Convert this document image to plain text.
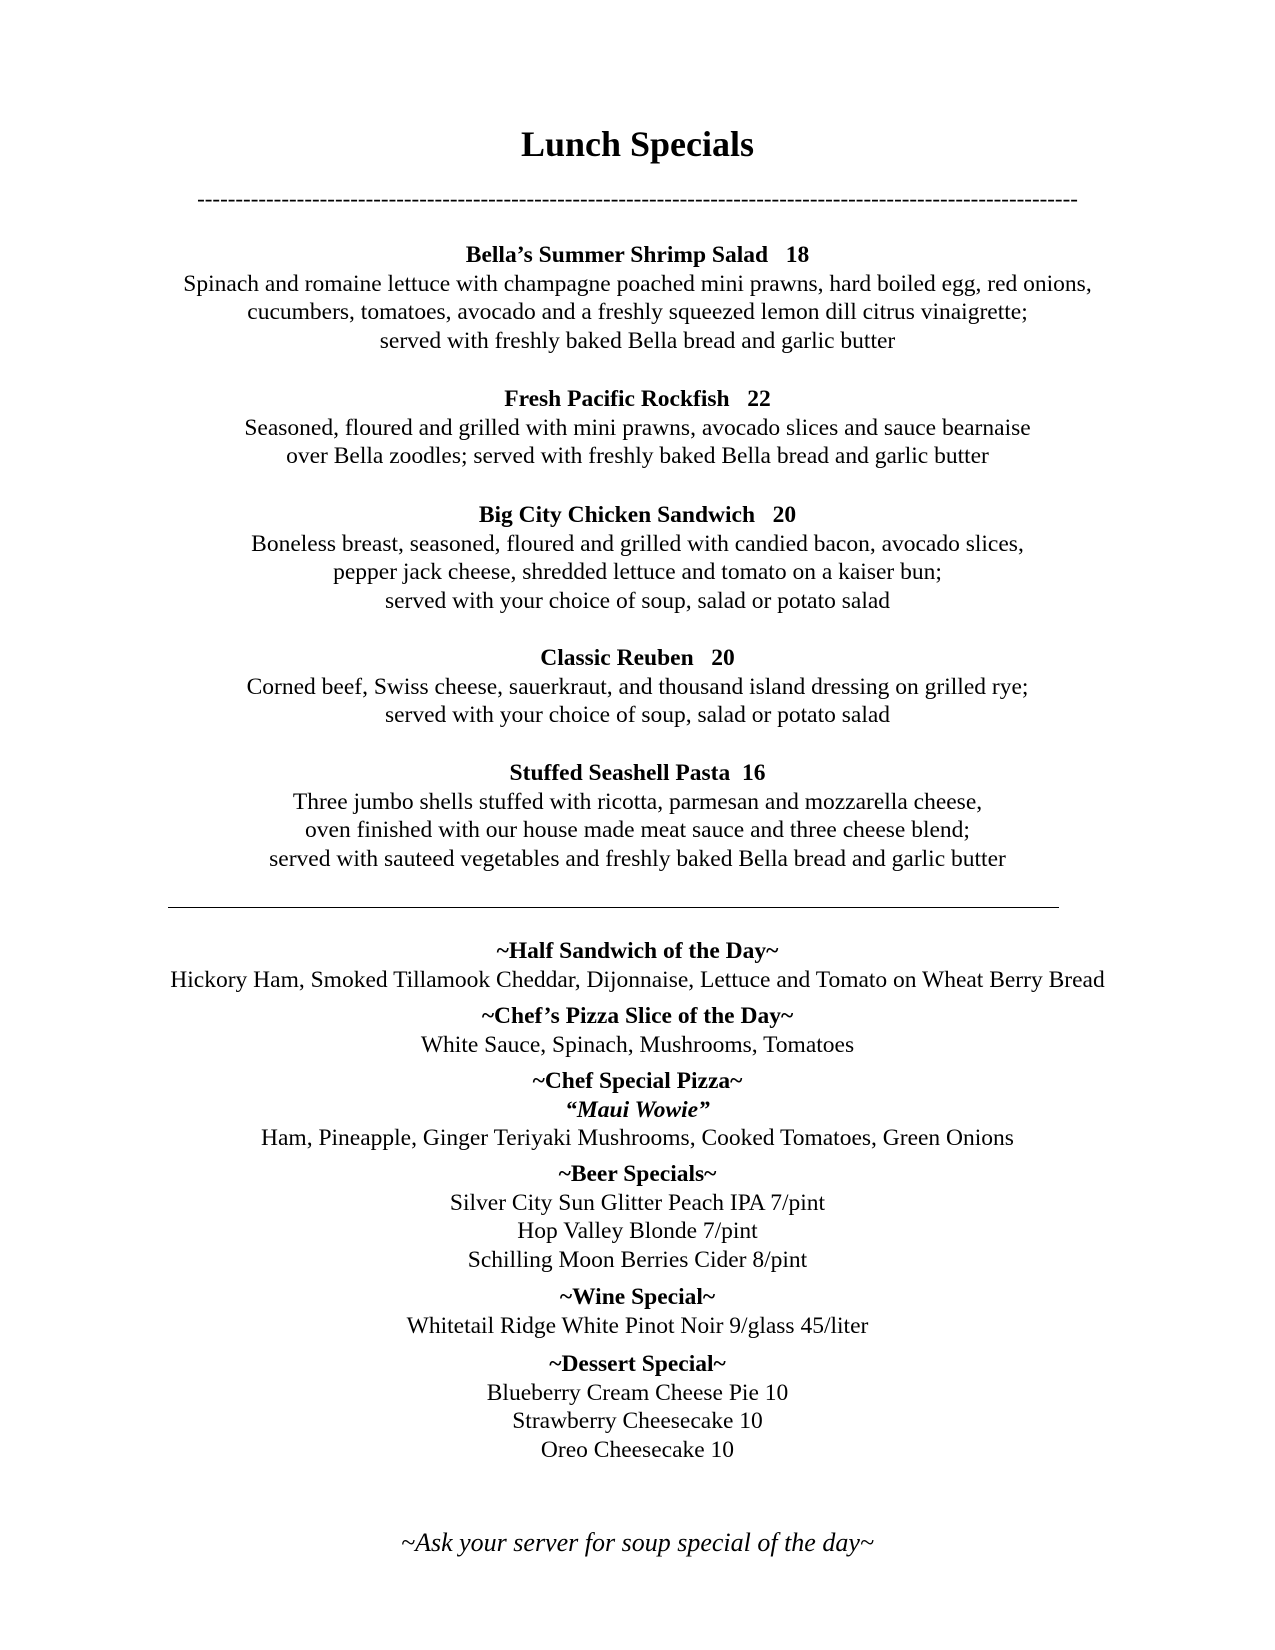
Lunch Specials
-------------------------------------------------------------------------------------------------------------------
Bella’s Summer Shrimp Salad   18
Spinach and romaine lettuce with champagne poached mini prawns, hard boiled egg, red onions,
cucumbers, tomatoes, avocado and a freshly squeezed lemon dill citrus vinaigrette;
served with freshly baked Bella bread and garlic butter
Fresh Pacific Rockfish   22
Seasoned, floured and grilled with mini prawns, avocado slices and sauce bearnaise
over Bella zoodles; served with freshly baked Bella bread and garlic butter
Big City Chicken Sandwich   20
Boneless breast, seasoned, floured and grilled with candied bacon, avocado slices,
pepper jack cheese, shredded lettuce and tomato on a kaiser bun;
served with your choice of soup, salad or potato salad
Classic Reuben   20
Corned beef, Swiss cheese, sauerkraut, and thousand island dressing on grilled rye;
served with your choice of soup, salad or potato salad
Stuffed Seashell Pasta  16
Three jumbo shells stuffed with ricotta, parmesan and mozzarella cheese,
oven finished with our house made meat sauce and three cheese blend;
served with sauteed vegetables and freshly baked Bella bread and garlic butter
~Half Sandwich of the Day~
Hickory Ham, Smoked Tillamook Cheddar, Dijonnaise, Lettuce and Tomato on Wheat Berry Bread
~Chef’s Pizza Slice of the Day~
White Sauce, Spinach, Mushrooms, Tomatoes
~Chef Special Pizza~
“Maui Wowie”
Ham, Pineapple, Ginger Teriyaki Mushrooms, Cooked Tomatoes, Green Onions
~Beer Specials~
Silver City Sun Glitter Peach IPA 7/pint
Hop Valley Blonde 7/pint
Schilling Moon Berries Cider 8/pint
~Wine Special~
Whitetail Ridge White Pinot Noir 9/glass 45/liter
~Dessert Special~
Blueberry Cream Cheese Pie 10
Strawberry Cheesecake 10
Oreo Cheesecake 10
~Ask your server for soup special of the day~
